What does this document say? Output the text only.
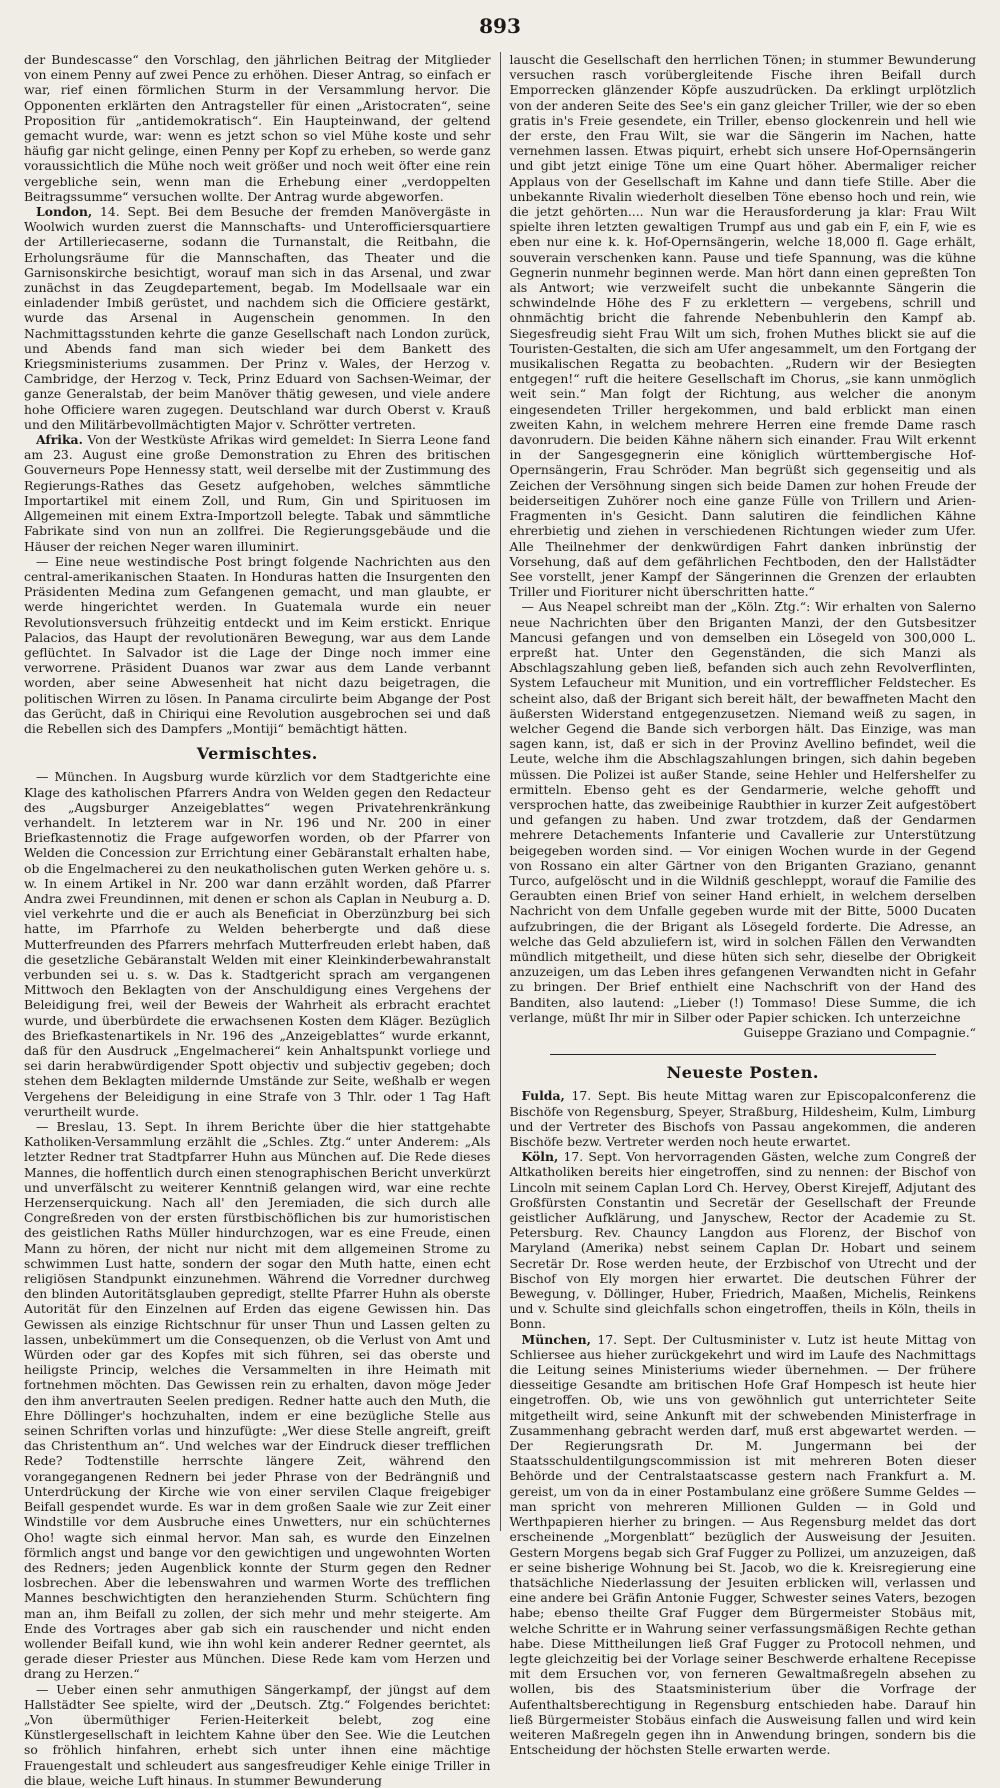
893

der Bundescasse“ den Vorschlag, den jährlichen Beitrag der Mitglieder von einem Penny auf zwei Pence zu erhöhen. Dieser Antrag, so einfach er war, rief einen förmlichen Sturm in der Versammlung hervor. Die Opponenten erklärten den Antragsteller für einen „Aristocraten“, seine Proposition für „antidemokratisch“. Ein Haupteinwand, der geltend gemacht wurde, war: wenn es jetzt schon so viel Mühe koste und sehr häufig gar nicht gelinge, einen Penny per Kopf zu erheben, so werde ganz voraussichtlich die Mühe noch weit größer und noch weit öfter eine rein vergebliche sein, wenn man die Erhebung einer „verdoppelten Beitragssumme“ versuchen wollte. Der Antrag wurde abgeworfen.

London, 14. Sept. Bei dem Besuche der fremden Manövergäste in Woolwich wurden zuerst die Mannschafts- und Unterofficiersquartiere der Artilleriecaserne, sodann die Turnanstalt, die Reitbahn, die Erholungsräume für die Mannschaften, das Theater und die Garnisonskirche besichtigt, worauf man sich in das Arsenal, und zwar zunächst in das Zeugdepartement, begab. Im Modellsaale war ein einladender Imbiß gerüstet, und nachdem sich die Officiere gestärkt, wurde das Arsenal in Augenschein genommen. In den Nachmittagsstunden kehrte die ganze Gesellschaft nach London zurück, und Abends fand man sich wieder bei dem Bankett des Kriegsministeriums zusammen. Der Prinz v. Wales, der Herzog v. Cambridge, der Herzog v. Teck, Prinz Eduard von Sachsen-Weimar, der ganze Generalstab, der beim Manöver thätig gewesen, und viele andere hohe Officiere waren zugegen. Deutschland war durch Oberst v. Krauß und den Militärbevollmächtigten Major v. Schrötter vertreten.

Afrika. Von der Westküste Afrikas wird gemeldet: In Sierra Leone fand am 23. August eine große Demonstration zu Ehren des britischen Gouverneurs Pope Hennessy statt, weil derselbe mit der Zustimmung des Regierungs-Rathes das Gesetz aufgehoben, welches sämmtliche Importartikel mit einem Zoll, und Rum, Gin und Spirituosen im Allgemeinen mit einem Extra-Importzoll belegte. Tabak und sämmtliche Fabrikate sind von nun an zollfrei. Die Regierungsgebäude und die Häuser der reichen Neger waren illuminirt.

— Eine neue westindische Post bringt folgende Nachrichten aus den central-amerikanischen Staaten. In Honduras hatten die Insurgenten den Präsidenten Medina zum Gefangenen gemacht, und man glaubte, er werde hingerichtet werden. In Guatemala wurde ein neuer Revolutionsversuch frühzeitig entdeckt und im Keim erstickt. Enrique Palacios, das Haupt der revolutionären Bewegung, war aus dem Lande geflüchtet. In Salvador ist die Lage der Dinge noch immer eine verworrene. Präsident Duanos war zwar aus dem Lande verbannt worden, aber seine Abwesenheit hat nicht dazu beigetragen, die politischen Wirren zu lösen. In Panama circulirte beim Abgange der Post das Gerücht, daß in Chiriqui eine Revolution ausgebrochen sei und daß die Rebellen sich des Dampfers „Montiji“ bemächtigt hätten.

Vermischtes.

— München. In Augsburg wurde kürzlich vor dem Stadtgerichte eine Klage des katholischen Pfarrers Andra von Welden gegen den Redacteur des „Augsburger Anzeigeblattes“ wegen Privatehrenkränkung verhandelt. In letzterem war in Nr. 196 und Nr. 200 in einer Briefkastennotiz die Frage aufgeworfen worden, ob der Pfarrer von Welden die Concession zur Errichtung einer Gebäranstalt erhalten habe, ob die Engelmacherei zu den neukatholischen guten Werken gehöre u. s. w. In einem Artikel in Nr. 200 war dann erzählt worden, daß Pfarrer Andra zwei Freundinnen, mit denen er schon als Caplan in Neuburg a. D. viel verkehrte und die er auch als Beneficiat in Oberzünzburg bei sich hatte, im Pfarrhofe zu Welden beherbergte und daß diese Mutterfreunden des Pfarrers mehrfach Mutterfreuden erlebt haben, daß die gesetzliche Gebäranstalt Welden mit einer Kleinkinderbewahranstalt verbunden sei u. s. w. Das k. Stadtgericht sprach am vergangenen Mittwoch den Beklagten von der Anschuldigung eines Vergehens der Beleidigung frei, weil der Beweis der Wahrheit als erbracht erachtet wurde, und überbürdete die erwachsenen Kosten dem Kläger. Bezüglich des Briefkastenartikels in Nr. 196 des „Anzeigeblattes“ wurde erkannt, daß für den Ausdruck „Engelmacherei“ kein Anhaltspunkt vorliege und sei darin herabwürdigender Spott objectiv und subjectiv gegeben; doch stehen dem Beklagten mildernde Umstände zur Seite, weßhalb er wegen Vergehens der Beleidigung in eine Strafe von 3 Thlr. oder 1 Tag Haft verurtheilt wurde.

— Breslau, 13. Sept. In ihrem Berichte über die hier stattgehabte Katholiken-Versammlung erzählt die „Schles. Ztg.“ unter Anderem: „Als letzter Redner trat Stadtpfarrer Huhn aus München auf. Die Rede dieses Mannes, die hoffentlich durch einen stenographischen Bericht unverkürzt und unverfälscht zu weiterer Kenntniß gelangen wird, war eine rechte Herzenserquickung. Nach all' den Jeremiaden, die sich durch alle Congreßreden von der ersten fürstbischöflichen bis zur humoristischen des geistlichen Raths Müller hindurchzogen, war es eine Freude, einen Mann zu hören, der nicht nur nicht mit dem allgemeinen Strome zu schwimmen Lust hatte, sondern der sogar den Muth hatte, einen echt religiösen Standpunkt einzunehmen. Während die Vorredner durchweg den blinden Autoritätsglauben gepredigt, stellte Pfarrer Huhn als oberste Autorität für den Einzelnen auf Erden das eigene Gewissen hin. Das Gewissen als einzige Richtschnur für unser Thun und Lassen gelten zu lassen, unbekümmert um die Consequenzen, ob die Verlust von Amt und Würden oder gar des Kopfes mit sich führen, sei das oberste und heiligste Princip, welches die Versammelten in ihre Heimath mit fortnehmen möchten. Das Gewissen rein zu erhalten, davon möge Jeder den ihm anvertrauten Seelen predigen. Redner hatte auch den Muth, die Ehre Döllinger's hochzuhalten, indem er eine bezügliche Stelle aus seinen Schriften vorlas und hinzufügte: „Wer diese Stelle angreift, greift das Christenthum an“. Und welches war der Eindruck dieser trefflichen Rede? Todtenstille herrschte längere Zeit, während den vorangegangenen Rednern bei jeder Phrase von der Bedrängniß und Unterdrückung der Kirche wie von einer servilen Claque freigebiger Beifall gespendet wurde. Es war in dem großen Saale wie zur Zeit einer Windstille vor dem Ausbruche eines Unwetters, nur ein schüchternes Oho! wagte sich einmal hervor. Man sah, es wurde den Einzelnen förmlich angst und bange vor den gewichtigen und ungewohnten Worten des Redners; jeden Augenblick konnte der Sturm gegen den Redner losbrechen. Aber die lebenswahren und warmen Worte des trefflichen Mannes beschwichtigten den heranziehenden Sturm. Schüchtern fing man an, ihm Beifall zu zollen, der sich mehr und mehr steigerte. Am Ende des Vortrages aber gab sich ein rauschender und nicht enden wollender Beifall kund, wie ihn wohl kein anderer Redner geerntet, als gerade dieser Priester aus München. Diese Rede kam vom Herzen und drang zu Herzen.“

— Ueber einen sehr anmuthigen Sängerkampf, der jüngst auf dem Hallstädter See spielte, wird der „Deutsch. Ztg.“ Folgendes berichtet: „Von übermüthiger Ferien-Heiterkeit belebt, zog eine Künstlergesellschaft in leichtem Kahne über den See. Wie die Leutchen so fröhlich hinfahren, erhebt sich unter ihnen eine mächtige Frauengestalt und schleudert aus sangesfreudiger Kehle einige Triller in die blaue, weiche Luft hinaus. In stummer Bewunderung

lauscht die Gesellschaft den herrlichen Tönen; in stummer Bewunderung versuchen rasch vorübergleitende Fische ihren Beifall durch Emporrecken glänzender Köpfe auszudrücken. Da erklingt urplötzlich von der anderen Seite des See's ein ganz gleicher Triller, wie der so eben gratis in's Freie gesendete, ein Triller, ebenso glockenrein und hell wie der erste, den Frau Wilt, sie war die Sängerin im Nachen, hatte vernehmen lassen. Etwas piquirt, erhebt sich unsere Hof-Opernsängerin und gibt jetzt einige Töne um eine Quart höher. Abermaliger reicher Applaus von der Gesellschaft im Kahne und dann tiefe Stille. Aber die unbekannte Rivalin wiederholt dieselben Töne ebenso hoch und rein, wie die jetzt gehörten.... Nun war die Herausforderung ja klar: Frau Wilt spielte ihren letzten gewaltigen Trumpf aus und gab ein F, ein F, wie es eben nur eine k. k. Hof-Opernsängerin, welche 18,000 fl. Gage erhält, souverain verschenken kann. Pause und tiefe Spannung, was die kühne Gegnerin nunmehr beginnen werde. Man hört dann einen gepreßten Ton als Antwort; wie verzweifelt sucht die unbekannte Sängerin die schwindelnde Höhe des F zu erklettern — vergebens, schrill und ohnmächtig bricht die fahrende Nebenbuhlerin den Kampf ab. Siegesfreudig sieht Frau Wilt um sich, frohen Muthes blickt sie auf die Touristen-Gestalten, die sich am Ufer angesammelt, um den Fortgang der musikalischen Regatta zu beobachten. „Rudern wir der Besiegten entgegen!“ ruft die heitere Gesellschaft im Chorus, „sie kann unmöglich weit sein.“ Man folgt der Richtung, aus welcher die anonym eingesendeten Triller hergekommen, und bald erblickt man einen zweiten Kahn, in welchem mehrere Herren eine fremde Dame rasch davonrudern. Die beiden Kähne nähern sich einander. Frau Wilt erkennt in der Sangesgegnerin eine königlich württembergische Hof-Opernsängerin, Frau Schröder. Man begrüßt sich gegenseitig und als Zeichen der Versöhnung singen sich beide Damen zur hohen Freude der beiderseitigen Zuhörer noch eine ganze Fülle von Trillern und Arien-Fragmenten in's Gesicht. Dann salutiren die feindlichen Kähne ehrerbietig und ziehen in verschiedenen Richtungen wieder zum Ufer. Alle Theilnehmer der denkwürdigen Fahrt danken inbrünstig der Vorsehung, daß auf dem gefährlichen Fechtboden, den der Hallstädter See vorstellt, jener Kampf der Sängerinnen die Grenzen der erlaubten Triller und Fioriturer nicht überschritten hatte.“

— Aus Neapel schreibt man der „Köln. Ztg.“: Wir erhalten von Salerno neue Nachrichten über den Briganten Manzi, der den Gutsbesitzer Mancusi gefangen und von demselben ein Lösegeld von 300,000 L. erpreßt hat. Unter den Gegenständen, die sich Manzi als Abschlagszahlung geben ließ, befanden sich auch zehn Revolverflinten, System Lefaucheur mit Munition, und ein vortrefflicher Feldstecher. Es scheint also, daß der Brigant sich bereit hält, der bewaffneten Macht den äußersten Widerstand entgegenzusetzen. Niemand weiß zu sagen, in welcher Gegend die Bande sich verborgen hält. Das Einzige, was man sagen kann, ist, daß er sich in der Provinz Avellino befindet, weil die Leute, welche ihm die Abschlagszahlungen bringen, sich dahin begeben müssen. Die Polizei ist außer Stande, seine Hehler und Helfershelfer zu ermitteln. Ebenso geht es der Gendarmerie, welche gehofft und versprochen hatte, das zweibeinige Raubthier in kurzer Zeit aufgestöbert und gefangen zu haben. Und zwar trotzdem, daß der Gendarmen mehrere Detachements Infanterie und Cavallerie zur Unterstützung beigegeben worden sind. — Vor einigen Wochen wurde in der Gegend von Rossano ein alter Gärtner von den Briganten Graziano, genannt Turco, aufgelöscht und in die Wildniß geschleppt, worauf die Familie des Geraubten einen Brief von seiner Hand erhielt, in welchem derselben Nachricht von dem Unfalle gegeben wurde mit der Bitte, 5000 Ducaten aufzubringen, die der Brigant als Lösegeld forderte. Die Adresse, an welche das Geld abzuliefern ist, wird in solchen Fällen den Verwandten mündlich mitgetheilt, und diese hüten sich sehr, dieselbe der Obrigkeit anzuzeigen, um das Leben ihres gefangenen Verwandten nicht in Gefahr zu bringen. Der Brief enthielt eine Nachschrift von der Hand des Banditen, also lautend: „Lieber (!) Tommaso! Diese Summe, die ich verlange, müßt Ihr mir in Silber oder Papier schicken. Ich unterzeichne

Guiseppe Graziano und Compagnie.“

Neueste Posten.

Fulda, 17. Sept. Bis heute Mittag waren zur Episcopalconferenz die Bischöfe von Regensburg, Speyer, Straßburg, Hildesheim, Kulm, Limburg und der Vertreter des Bischofs von Passau angekommen, die anderen Bischöfe bezw. Vertreter werden noch heute erwartet.

Köln, 17. Sept. Von hervorragenden Gästen, welche zum Congreß der Altkatholiken bereits hier eingetroffen, sind zu nennen: der Bischof von Lincoln mit seinem Caplan Lord Ch. Hervey, Oberst Kirejeff, Adjutant des Großfürsten Constantin und Secretär der Gesellschaft der Freunde geistlicher Aufklärung, und Janyschew, Rector der Academie zu St. Petersburg. Rev. Chauncy Langdon aus Florenz, der Bischof von Maryland (Amerika) nebst seinem Caplan Dr. Hobart und seinem Secretär Dr. Rose werden heute, der Erzbischof von Utrecht und der Bischof von Ely morgen hier erwartet. Die deutschen Führer der Bewegung, v. Döllinger, Huber, Friedrich, Maaßen, Michelis, Reinkens und v. Schulte sind gleichfalls schon eingetroffen, theils in Köln, theils in Bonn.

München, 17. Sept. Der Cultusminister v. Lutz ist heute Mittag von Schliersee aus hieher zurückgekehrt und wird im Laufe des Nachmittags die Leitung seines Ministeriums wieder übernehmen. — Der frühere diesseitige Gesandte am britischen Hofe Graf Hompesch ist heute hier eingetroffen. Ob, wie uns von gewöhnlich gut unterrichteter Seite mitgetheilt wird, seine Ankunft mit der schwebenden Ministerfrage in Zusammenhang gebracht werden darf, muß erst abgewartet werden. — Der Regierungsrath Dr. M. Jungermann bei der Staatsschuldentilgungscommission ist mit mehreren Boten dieser Behörde und der Centralstaatscasse gestern nach Frankfurt a. M. gereist, um von da in einer Postambulanz eine größere Summe Geldes — man spricht von mehreren Millionen Gulden — in Gold und Werthpapieren hierher zu bringen. — Aus Regensburg meldet das dort erscheinende „Morgenblatt“ bezüglich der Ausweisung der Jesuiten. Gestern Morgens begab sich Graf Fugger zu Pollizei, um anzuzeigen, daß er seine bisherige Wohnung bei St. Jacob, wo die k. Kreisregierung eine thatsächliche Niederlassung der Jesuiten erblicken will, verlassen und eine andere bei Gräfin Antonie Fugger, Schwester seines Vaters, bezogen habe; ebenso theilte Graf Fugger dem Bürgermeister Stobäus mit, welche Schritte er in Wahrung seiner verfassungsmäßigen Rechte gethan habe. Diese Mittheilungen ließ Graf Fugger zu Protocoll nehmen, und legte gleichzeitig bei der Vorlage seiner Beschwerde erhaltene Recepisse mit dem Ersuchen vor, von ferneren Gewaltmaßregeln absehen zu wollen, bis des Staatsministerium über die Vorfrage der Aufenthaltsberechtigung in Regensburg entschieden habe. Darauf hin ließ Bürgermeister Stobäus einfach die Ausweisung fallen und wird kein weiteren Maßregeln gegen ihn in Anwendung bringen, sondern bis die Entscheidung der höchsten Stelle erwarten werde.
